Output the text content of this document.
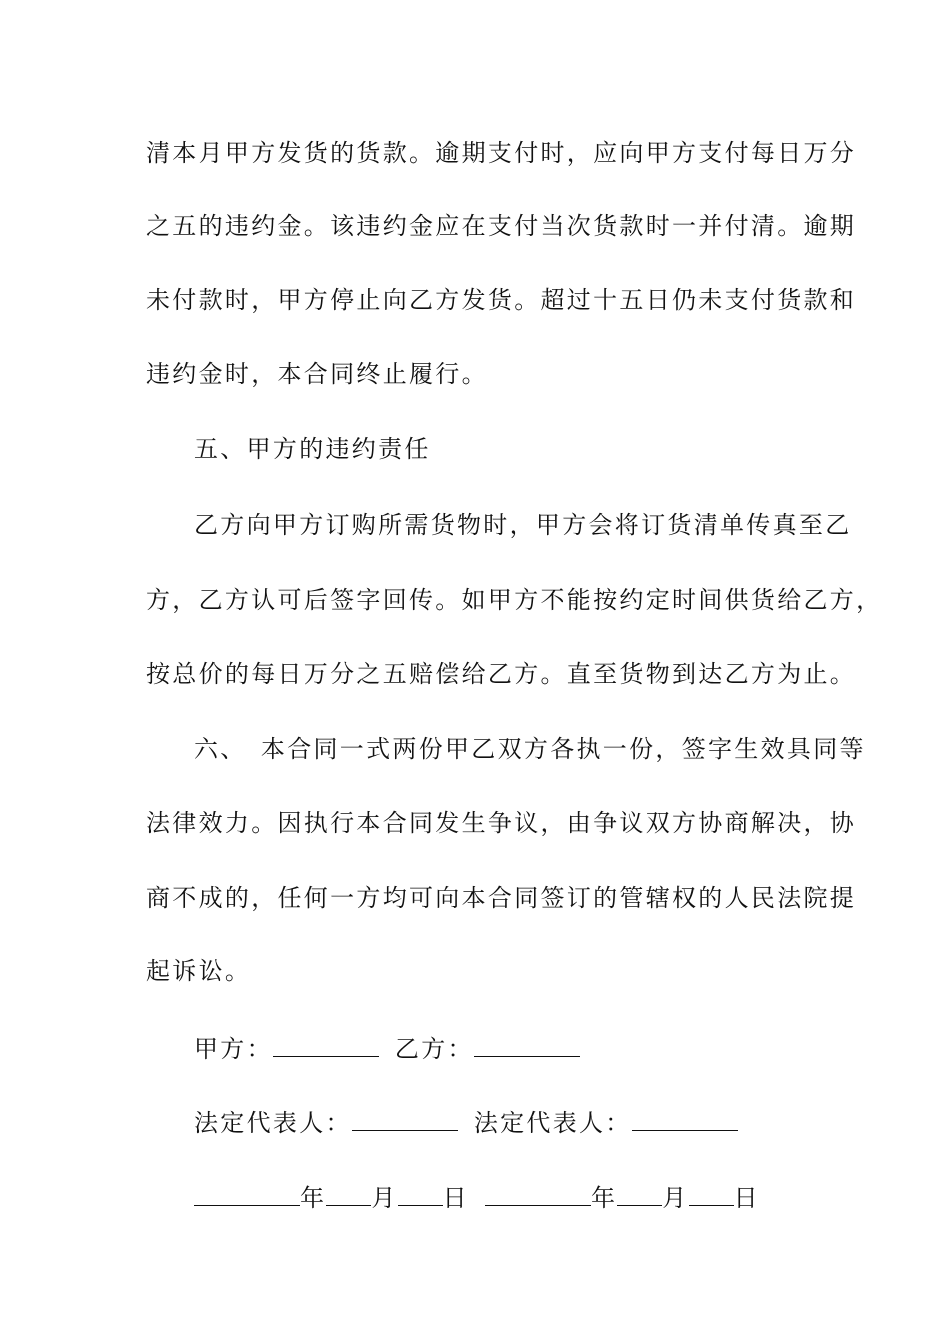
清本月甲方发货的货款。逾期支付时，应向甲方支付每日万分
之五的违约金。该违约金应在支付当次货款时一并付清。逾期
未付款时，甲方停止向乙方发货。超过十五日仍未支付货款和
违约金时，本合同终止履行。
五、甲方的违约责任
乙方向甲方订购所需货物时，甲方会将订货清单传真至乙
方，乙方认可后签字回传。如甲方不能按约定时间供货给乙方，
按总价的每日万分之五赔偿给乙方。直至货物到达乙方为止。
六、　本合同一式两份甲乙双方各执一份，签字生效具同等
法律效力。因执行本合同发生争议，由争议双方协商解决，协
商不成的，任何一方均可向本合同签订的管辖权的人民法院提
起诉讼。
甲方：	乙方：
法定代表人：	法定代表人：
年 月 日	年 月 日
